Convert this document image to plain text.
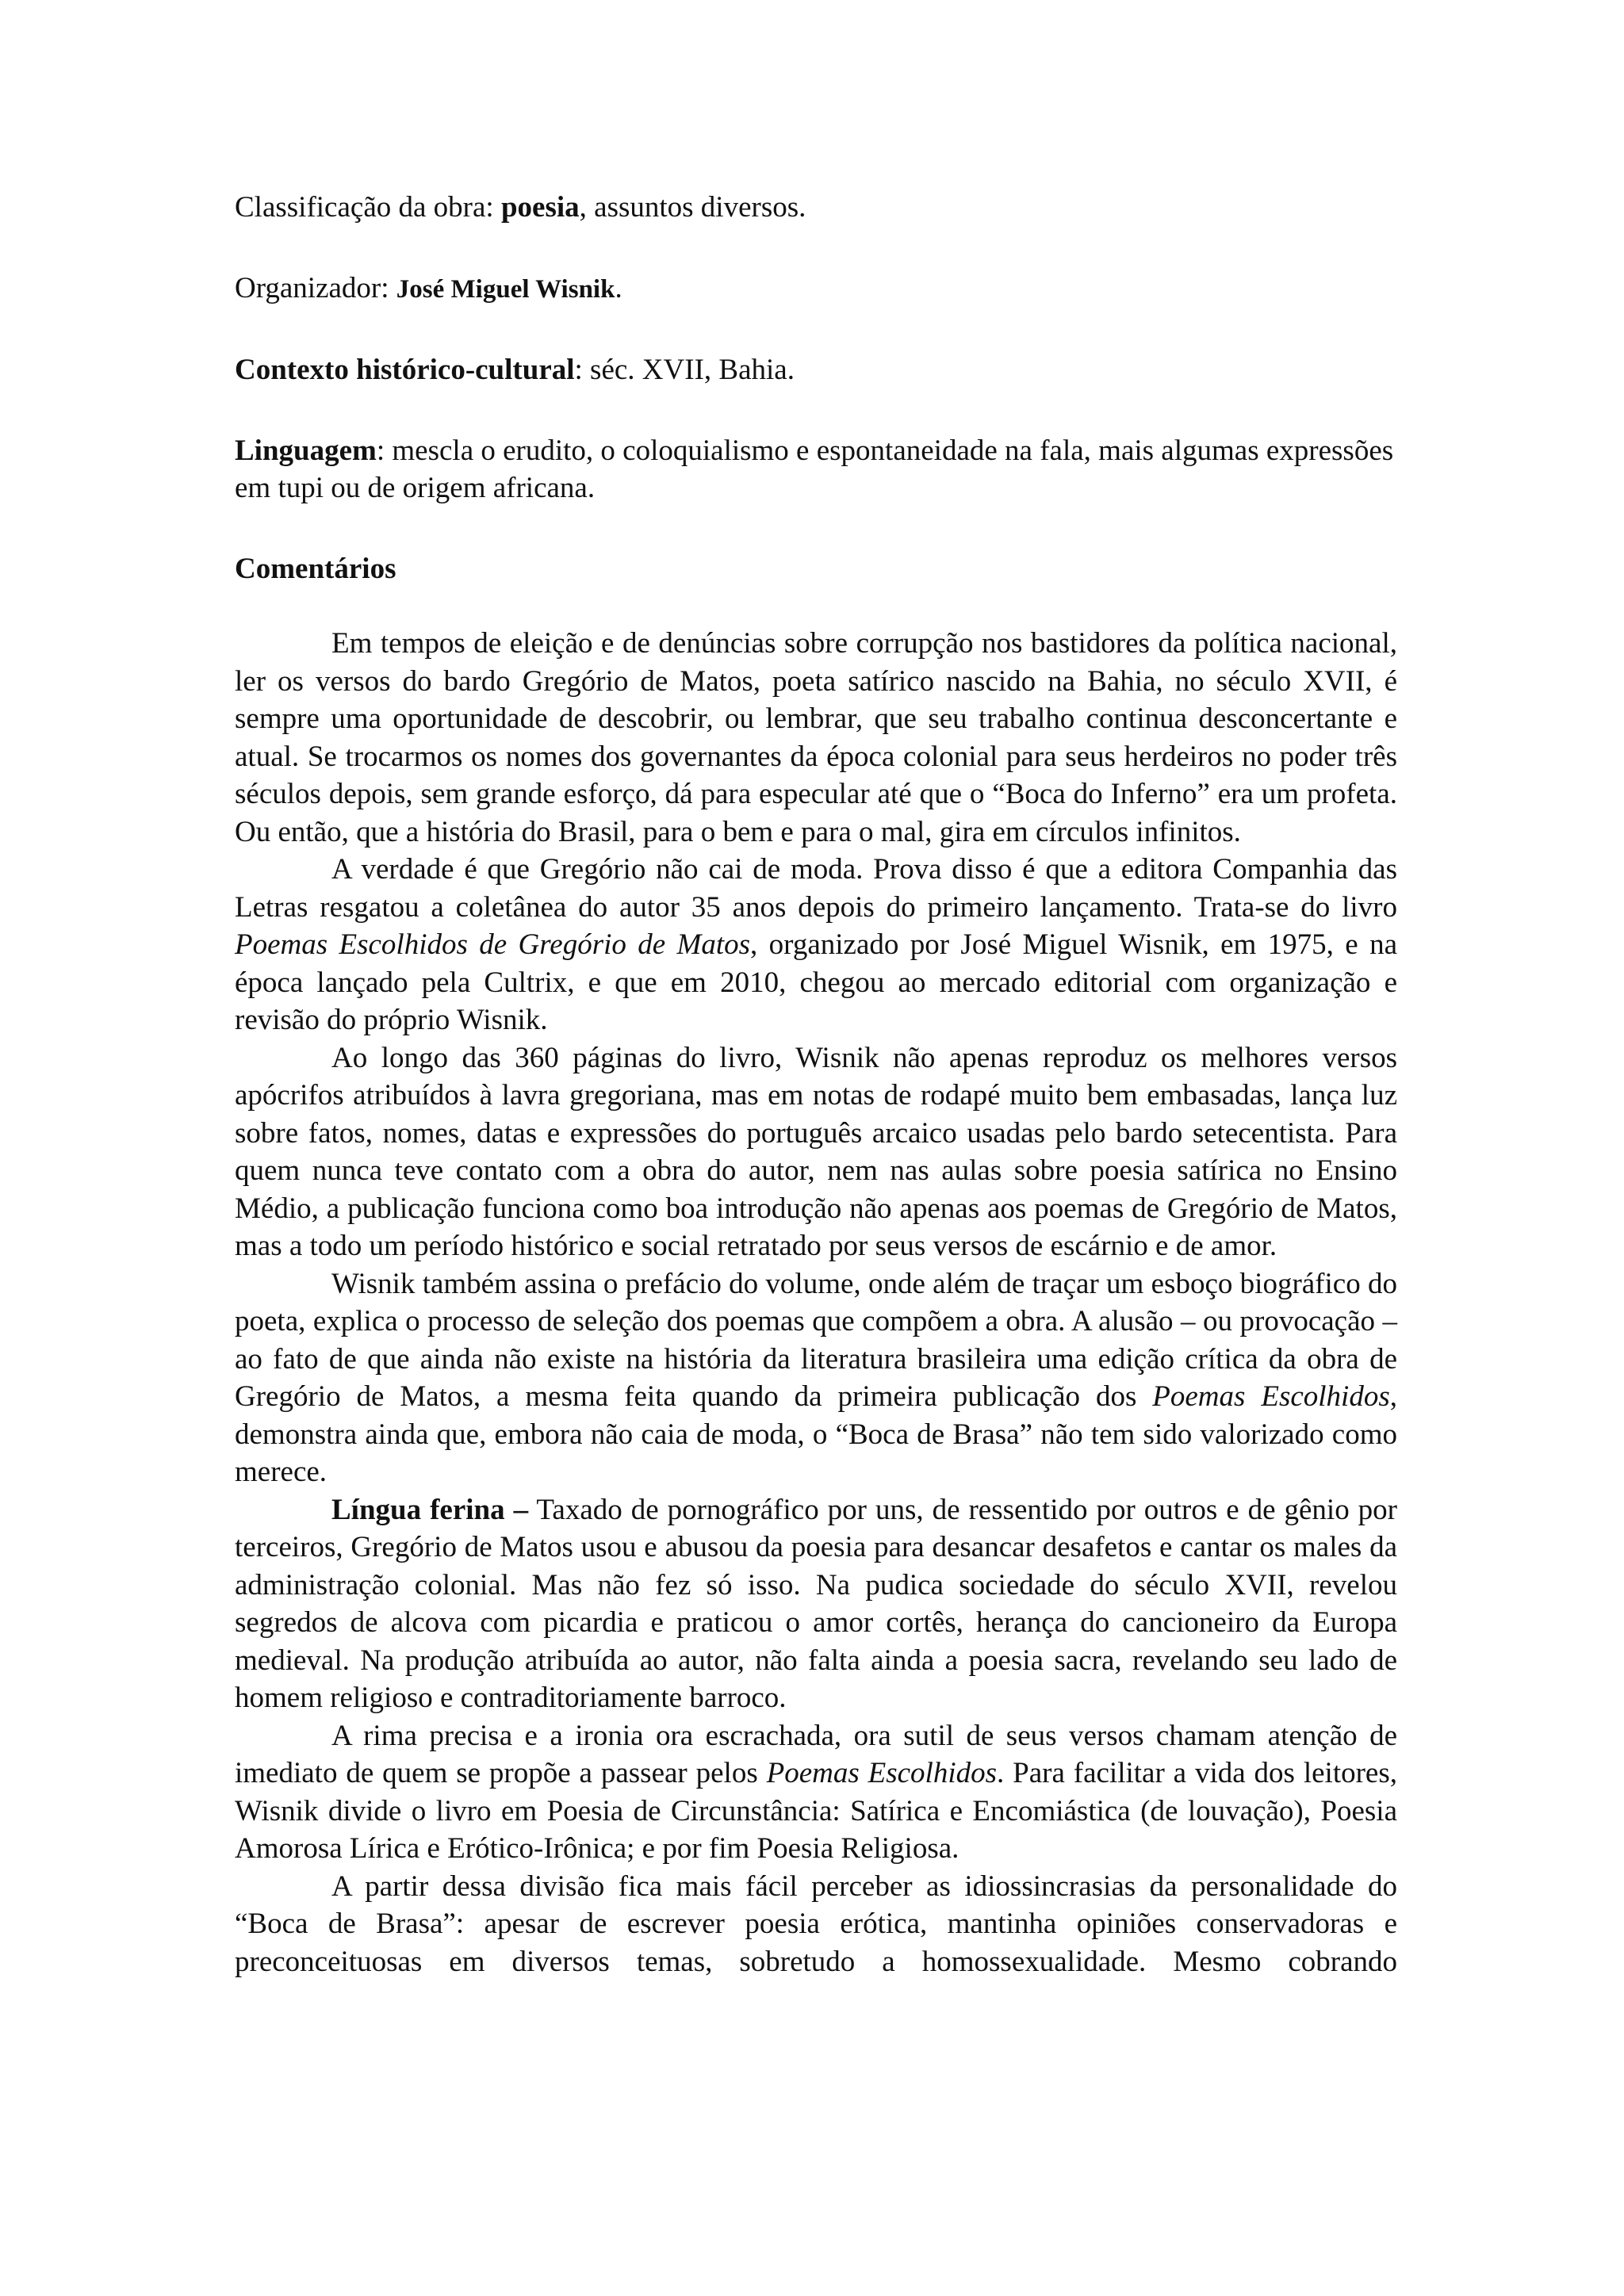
Classificação da obra: poesia, assuntos diversos.

Organizador: José Miguel Wisnik.

Contexto histórico-cultural: séc. XVII, Bahia.

Linguagem: mescla o erudito, o coloquialismo e espontaneidade na fala, mais algumas expressões em tupi ou de origem africana.

Comentários

Em tempos de eleição e de denúncias sobre corrupção nos bastidores da política nacional, ler os versos do bardo Gregório de Matos, poeta satírico nascido na Bahia, no século XVII, é sempre uma oportunidade de descobrir, ou lembrar, que seu trabalho continua desconcertante e atual. Se trocarmos os nomes dos governantes da época colonial para seus herdeiros no poder três séculos depois, sem grande esforço, dá para especular até que o “Boca do Inferno” era um profeta. Ou então, que a história do Brasil, para o bem e para o mal, gira em círculos infinitos.

A verdade é que Gregório não cai de moda. Prova disso é que a editora Companhia das Letras resgatou a coletânea do autor 35 anos depois do primeiro lançamento. Trata-se do livro Poemas Escolhidos de Gregório de Matos, organizado por José Miguel Wisnik, em 1975, e na época lançado pela Cultrix, e que em 2010, chegou ao mercado editorial com organização e revisão do próprio Wisnik.

Ao longo das 360 páginas do livro, Wisnik não apenas reproduz os melhores versos apócrifos atribuídos à lavra gregoriana, mas em notas de rodapé muito bem embasadas, lança luz sobre fatos, nomes, datas e expressões do português arcaico usadas pelo bardo setecentista. Para quem nunca teve contato com a obra do autor, nem nas aulas sobre poesia satírica no Ensino Médio, a publicação funciona como boa introdução não apenas aos poemas de Gregório de Matos, mas a todo um período histórico e social retratado por seus versos de escárnio e de amor.

Wisnik também assina o prefácio do volume, onde além de traçar um esboço biográfico do poeta, explica o processo de seleção dos poemas que compõem a obra. A alusão – ou provocação – ao fato de que ainda não existe na história da literatura brasileira uma edição crítica da obra de Gregório de Matos, a mesma feita quando da primeira publicação dos Poemas Escolhidos, demonstra ainda que, embora não caia de moda, o “Boca de Brasa” não tem sido valorizado como merece.

Língua ferina – Taxado de pornográfico por uns, de ressentido por outros e de gênio por terceiros, Gregório de Matos usou e abusou da poesia para desancar desafetos e cantar os males da administração colonial. Mas não fez só isso. Na pudica sociedade do século XVII, revelou segredos de alcova com picardia e praticou o amor cortês, herança do cancioneiro da Europa medieval. Na produção atribuída ao autor, não falta ainda a poesia sacra, revelando seu lado de homem religioso e contraditoriamente barroco.

A rima precisa e a ironia ora escrachada, ora sutil de seus versos chamam atenção de imediato de quem se propõe a passear pelos Poemas Escolhidos. Para facilitar a vida dos leitores, Wisnik divide o livro em Poesia de Circunstância: Satírica e Encomiástica (de louvação), Poesia Amorosa Lírica e Erótico-Irônica; e por fim Poesia Religiosa.

A partir dessa divisão fica mais fácil perceber as idiossincrasias da personalidade do “Boca de Brasa”: apesar de escrever poesia erótica, mantinha opiniões conservadoras e preconceituosas em diversos temas, sobretudo a homossexualidade. Mesmo cobrando
